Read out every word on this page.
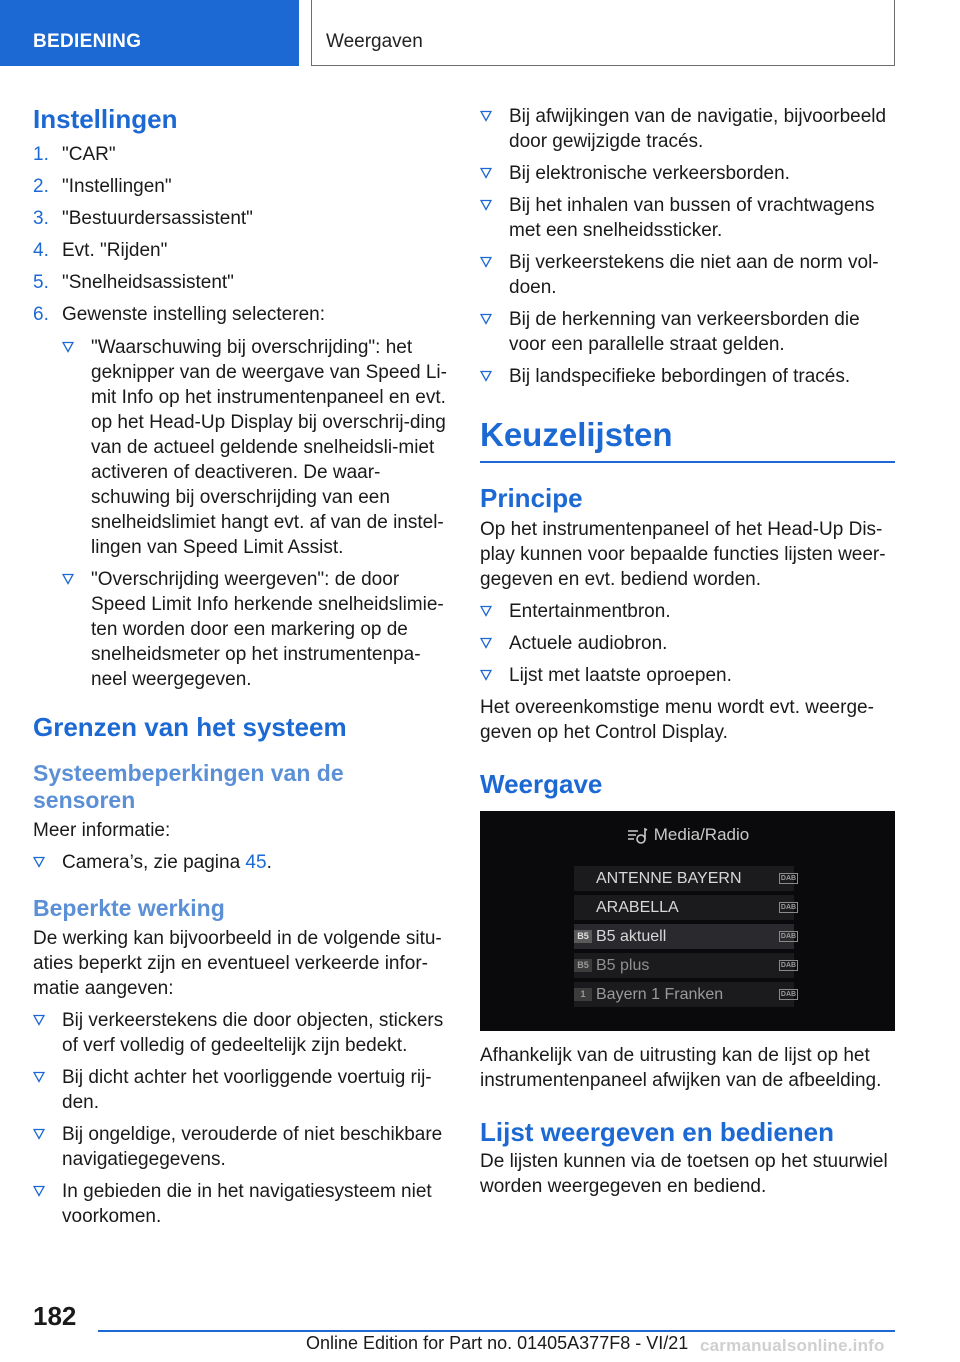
BEDIENING	Weergaven
Instellingen
1. "CAR"
2. "Instellingen"
3. "Bestuurdersassistent"
4. Evt. "Rijden"
5. "Snelheidsassistent"
6. Gewenste instelling selecteren:
"Waarschuwing bij overschrijding": het geknipper van de weergave van Speed Li-mit Info op het instrumentenpaneel en evt. op het Head-Up Display bij overschrij-ding van de actueel geldende snelheidsli-miet activeren of deactiveren. De waar-schuwing bij overschrijding van een snelheidslimiet hangt evt. af van de instel-lingen van Speed Limit Assist.
"Overschrijding weergeven": de door Speed Limit Info herkende snelheidslimie-ten worden door een markering op de snelheidsmeter op het instrumentenpa-neel weergegeven.
Grenzen van het systeem
Systeembeperkingen van de sensoren

Meer informatie:

Camera’s, zie pagina 45.
Beperkte werking

De werking kan bijvoorbeeld in de volgende situ-aties beperkt zijn en eventueel verkeerde infor-matie aangeven:

Bij verkeerstekens die door objecten, stickers of verf volledig of gedeeltelijk zijn bedekt.
Bij dicht achter het voorliggende voertuig rij-den.
Bij ongeldige, verouderde of niet beschikbare navigatiegegevens.
In gebieden die in het navigatiesysteem niet voorkomen.
Bij afwijkingen van de navigatie, bijvoorbeeld door gewijzigde tracés.
Bij elektronische verkeersborden.
Bij het inhalen van bussen of vrachtwagens met een snelheidssticker.
Bij verkeerstekens die niet aan de norm vol-doen.
Bij de herkenning van verkeersborden die voor een parallelle straat gelden.
Bij landspecifieke bebordingen of tracés.
Keuzelijsten
Principe

Op het instrumentenpaneel of het Head-Up Dis-play kunnen voor bepaalde functies lijsten weer-gegeven en evt. bediend worden.

Entertainmentbron.
Actuele audiobron.
Lijst met laatste oproepen.

Het overeenkomstige menu wordt evt. weerge-geven op het Control Display.

Weergave
Media/Radio
ANTENNE BAYERN	DAB
ARABELLA	DAB
B5 B5 aktuell	DAB
B5 B5 plus	DAB
1 Bayern 1 Franken	DAB

Afhankelijk van de uitrusting kan de lijst op het instrumentenpaneel afwijken van de afbeelding.

Lijst weergeven en bedienen

De lijsten kunnen via de toetsen op het stuurwiel worden weergegeven en bediend.

182
Online Edition for Part no. 01405A377F8 - VI/21 carmanualsonline.info
